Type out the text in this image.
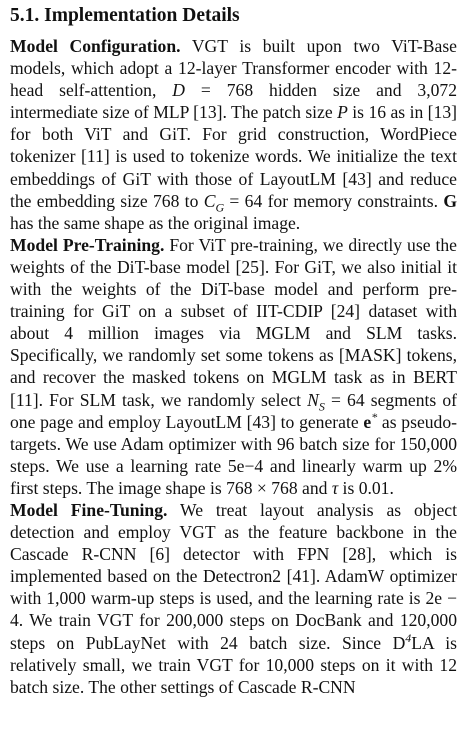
5.1. Implementation Details

Model Configuration. VGT is built upon two ViT-Base models, which adopt a 12-layer Transformer encoder with 12-head self-attention, D = 768 hidden size and 3,072 intermediate size of MLP [13]. The patch size P is 16 as in [13] for both ViT and GiT. For grid construction, WordPiece tokenizer [11] is used to tokenize words. We initialize the text embeddings of GiT with those of LayoutLM [43] and reduce the embedding size 768 to $C_G = 64$ for memory constraints. G has the same shape as the original image.

Model Pre-Training. For ViT pre-training, we directly use the weights of the DiT-base model [25]. For GiT, we also initial it with the weights of the DiT-base model and perform pre-training for GiT on a subset of IIT-CDIP [24] dataset with about 4 million images via MGLM and SLM tasks. Specifically, we randomly set some tokens as [MASK] tokens, and recover the masked tokens on MGLM task as in BERT [11]. For SLM task, we randomly select $N_S = 64$ segments of one page and employ LayoutLM [43] to generate e* as pseudo-targets. We use Adam optimizer with 96 batch size for 150,000 steps. We use a learning rate 5e−4 and linearly warm up 2% first steps. The image shape is 768 × 768 and τ is 0.01.

Model Fine-Tuning. We treat layout analysis as object detection and employ VGT as the feature backbone in the Cascade R-CNN [6] detector with FPN [28], which is implemented based on the Detectron2 [41]. AdamW optimizer with 1,000 warm-up steps is used, and the learning rate is 2e − 4. We train VGT for 200,000 steps on DocBank and 120,000 steps on PubLayNet with 24 batch size. Since $D^4LA$ is relatively small, we train VGT for 10,000 steps on it with 12 batch size. The other settings of Cascade R-CNN
